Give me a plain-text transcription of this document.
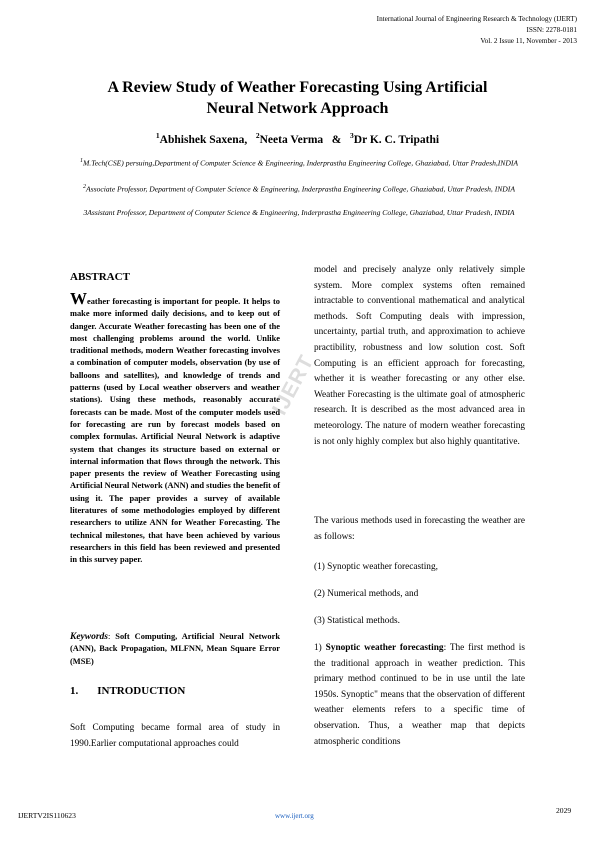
International Journal of Engineering Research & Technology (IJERT)
ISSN: 2278-0181
Vol. 2 Issue 11, November - 2013
A Review Study of Weather Forecasting Using Artificial
Neural Network Approach
$^1$Abhishek Saxena, $^2$Neeta Verma & $^3$Dr K. C. Tripathi
$^1$M.Tech(CSE) persuing,Department of Computer Science & Engineering, Inderprastha Engineering College, Ghaziabad, Uttar Pradesh,INDIA
$^2$Associate Professor, Department of Computer Science & Engineering, Inderprastha Engineering College, Ghaziabad, Uttar Pradesh, INDIA
3Assistant Professor, Department of Computer Science & Engineering, Inderprastha Engineering College, Ghaziabad, Uttar Pradesh, INDIA
ABSTRACT
Weather forecasting is important for people. It helps to make more informed daily decisions, and to keep out of danger. Accurate Weather forecasting has been one of the most challenging problems around the world. Unlike traditional methods, modern Weather forecasting involves a combination of computer models, observation (by use of balloons and satellites), and knowledge of trends and patterns (used by Local weather observers and weather stations). Using these methods, reasonably accurate forecasts can be made. Most of the computer models used for forecasting are run by forecast models based on complex formulas. Artificial Neural Network is adaptive system that changes its structure based on external or internal information that flows through the network. This paper presents the review of Weather Forecasting using Artificial Neural Network (ANN) and studies the benefit of using it. The paper provides a survey of available literatures of some methodologies employed by different researchers to utilize ANN for Weather Forecasting. The technical milestones, that have been achieved by various researchers in this field has been reviewed and presented in this survey paper.
Keywords: Soft Computing, Artificial Neural Network (ANN), Back Propagation, MLFNN, Mean Square Error (MSE)
1.    INTRODUCTION
Soft Computing became formal area of study in 1990.Earlier computational approaches could
model and precisely analyze only relatively simple system. More complex systems often remained intractable to conventional mathematical and analytical methods. Soft Computing deals with impression, uncertainty, partial truth, and approximation to achieve practibility, robustness and low solution cost. Soft Computing is an efficient approach for forecasting, whether it is weather forecasting or any other else. Weather Forecasting is the ultimate goal of atmospheric research. It is described as the most advanced area in meteorology. The nature of modern weather forecasting is not only highly complex but also highly quantitative.
The various methods used in forecasting the weather are as follows:
(1) Synoptic weather forecasting,
(2) Numerical methods, and
(3) Statistical methods.
1) Synoptic weather forecasting: The first method is the traditional approach in weather prediction. This primary method continued to be in use until the late 1950s. Synoptic" means that the observation of different weather elements refers to a specific time of observation. Thus, a weather map that depicts atmospheric conditions
IJERT
IJERTV2IS110623	www.ijert.org
2029
